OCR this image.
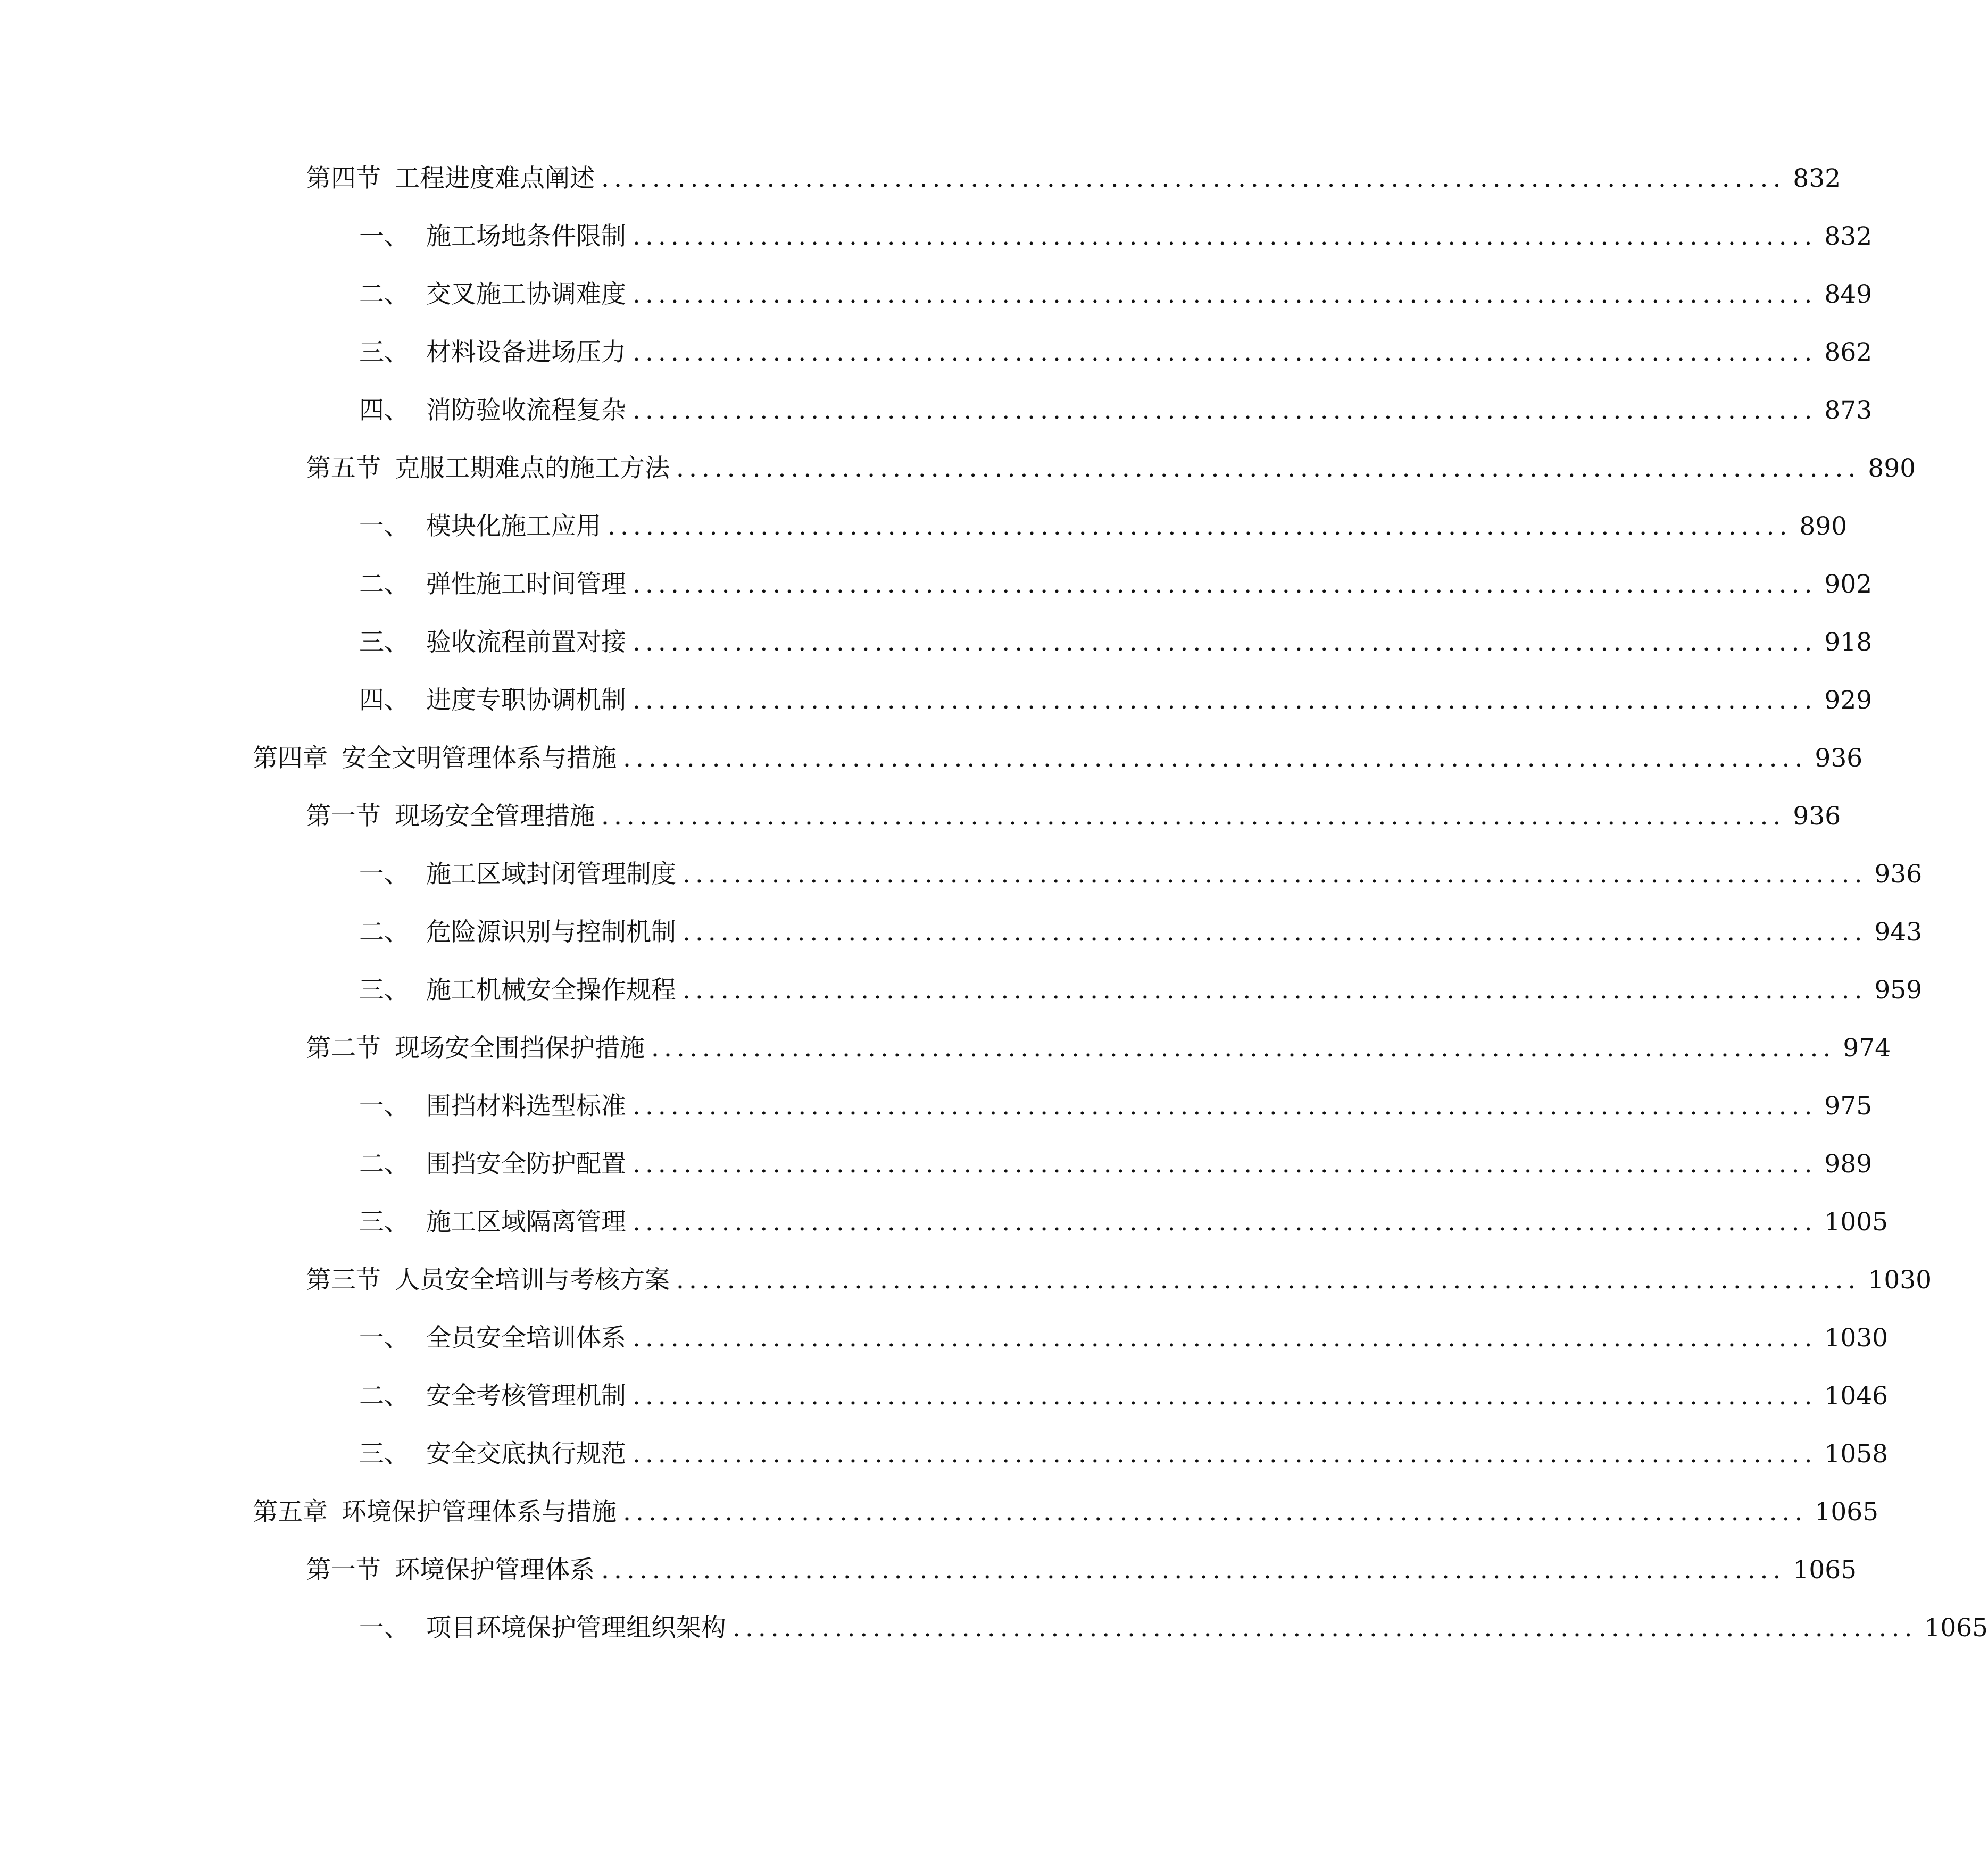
第四节 工程进度难点阐述 ............................................................................................. 832
一、 施工场地条件限制 ............................................................................................. 832
二、 交叉施工协调难度 ............................................................................................. 849
三、 材料设备进场压力 ............................................................................................. 862
四、 消防验收流程复杂 ............................................................................................. 873
第五节 克服工期难点的施工方法 ............................................................................................. 890
一、 模块化施工应用 ............................................................................................. 890
二、 弹性施工时间管理 ............................................................................................. 902
三、 验收流程前置对接 ............................................................................................. 918
四、 进度专职协调机制 ............................................................................................. 929
第四章 安全文明管理体系与措施 ............................................................................................. 936
第一节 现场安全管理措施 ............................................................................................. 936
一、 施工区域封闭管理制度 ............................................................................................. 936
二、 危险源识别与控制机制 ............................................................................................. 943
三、 施工机械安全操作规程 ............................................................................................. 959
第二节 现场安全围挡保护措施 ............................................................................................. 974
一、 围挡材料选型标准 ............................................................................................. 975
二、 围挡安全防护配置 ............................................................................................. 989
三、 施工区域隔离管理 ............................................................................................. 1005
第三节 人员安全培训与考核方案 ............................................................................................. 1030
一、 全员安全培训体系 ............................................................................................. 1030
二、 安全考核管理机制 ............................................................................................. 1046
三、 安全交底执行规范 ............................................................................................. 1058
第五章 环境保护管理体系与措施 ............................................................................................. 1065
第一节 环境保护管理体系 ............................................................................................. 1065
一、 项目环境保护管理组织架构 ............................................................................................. 1065
